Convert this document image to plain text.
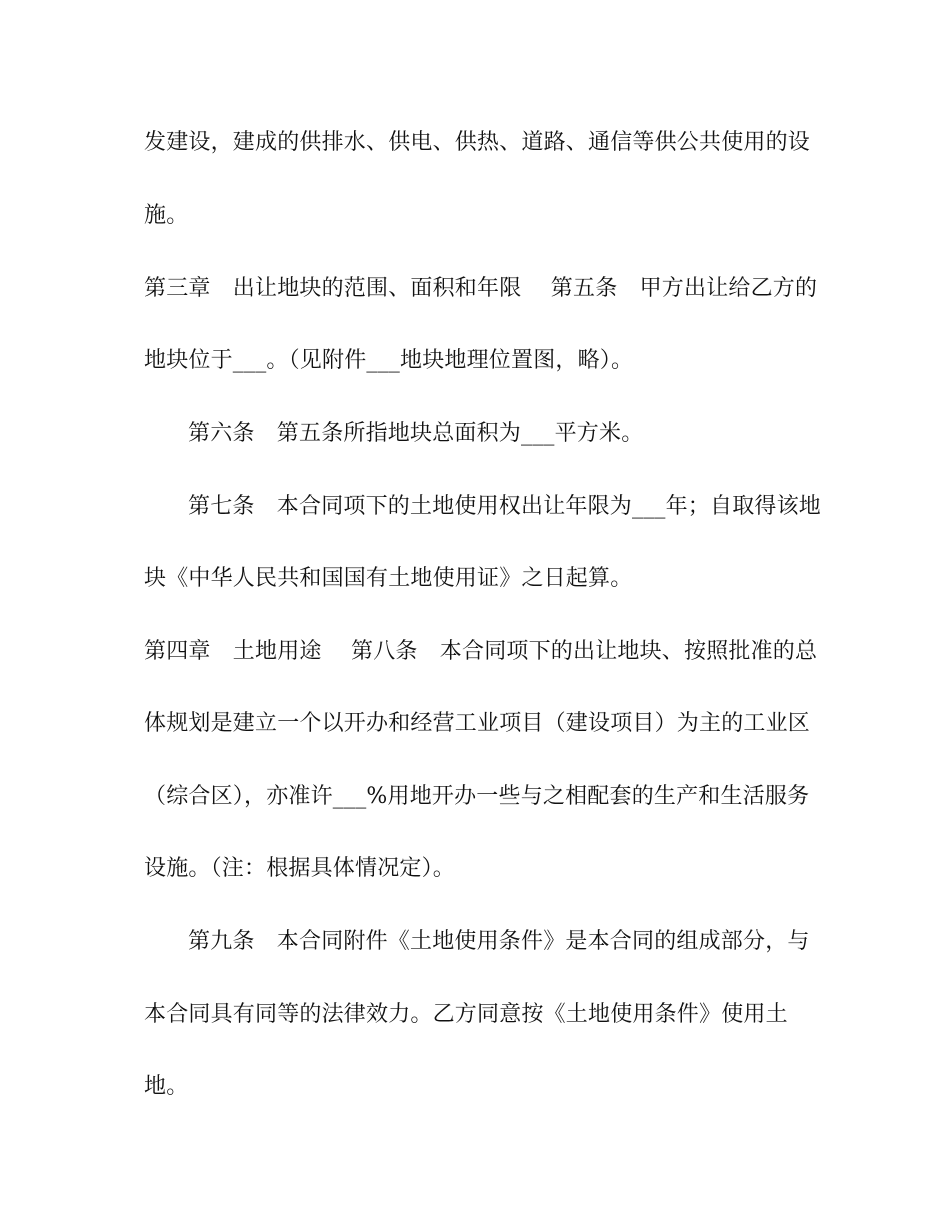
发建设，建成的供排水、供电、供热、道路、通信等供公共使用的设

施。

第三章　出让地块的范围、面积和年限　 第五条　甲方出让给乙方的

地块位于___。（见附件___地块地理位置图，略）。

第六条　第五条所指地块总面积为___平方米。

第七条　本合同项下的土地使用权出让年限为___年；自取得该地

块《中华人民共和国国有土地使用证》之日起算。

第四章　土地用途　 第八条　本合同项下的出让地块、按照批准的总

体规划是建立一个以开办和经营工业项目（建设项目）为主的工业区

（综合区），亦准许___%用地开办一些与之相配套的生产和生活服务

设施。（注：根据具体情况定）。

第九条　本合同附件《土地使用条件》是本合同的组成部分，与

本合同具有同等的法律效力。乙方同意按《土地使用条件》使用土

地。
